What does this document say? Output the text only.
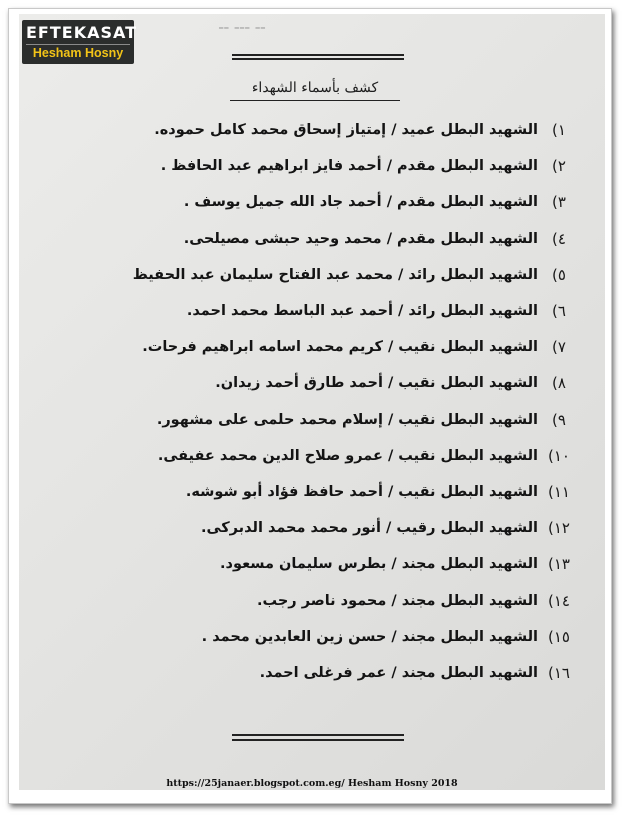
▔▔ ▔▔▔ ▔▔
كشف بأسماء الشهداء
١)
الشهيد البطل عميد / إمتياز إسحاق محمد كامل حموده.
٢)
الشهيد البطل مقدم / أحمد فايز ابراهيم عبد الحافظ .
٣)
الشهيد البطل مقدم / أحمد جاد الله جميل يوسف .
٤)
الشهيد البطل مقدم / محمد وحيد حبشى مصيلحى.
٥)
الشهيد البطل رائد / محمد عبد الفتاح سليمان عبد الحفيظ
٦)
الشهيد البطل رائد / أحمد عبد الباسط محمد احمد.
٧)
الشهيد البطل نقيب / كريم محمد اسامه ابراهيم فرحات.
٨)
الشهيد البطل نقيب / أحمد طارق أحمد زيدان.
٩)
الشهيد البطل نقيب / إسلام محمد حلمى على مشهور.
١٠)
الشهيد البطل نقيب / عمرو صلاح الدين محمد عفيفى.
١١)
الشهيد البطل نقيب / أحمد حافظ فؤاد أبو شوشه.
١٢)
الشهيد البطل رقيب / أنور محمد محمد الدبركى.
١٣)
الشهيد البطل مجند / بطرس سليمان مسعود.
١٤)
الشهيد البطل مجند / محمود ناصر رجب.
١٥)
الشهيد البطل مجند / حسن زين العابدين محمد .
١٦)
الشهيد البطل مجند / عمر فرغلى احمد.
EFTEKASAT
Hesham Hosny
https://25janaer.blogspot.com.eg/ Hesham Hosny 2018
